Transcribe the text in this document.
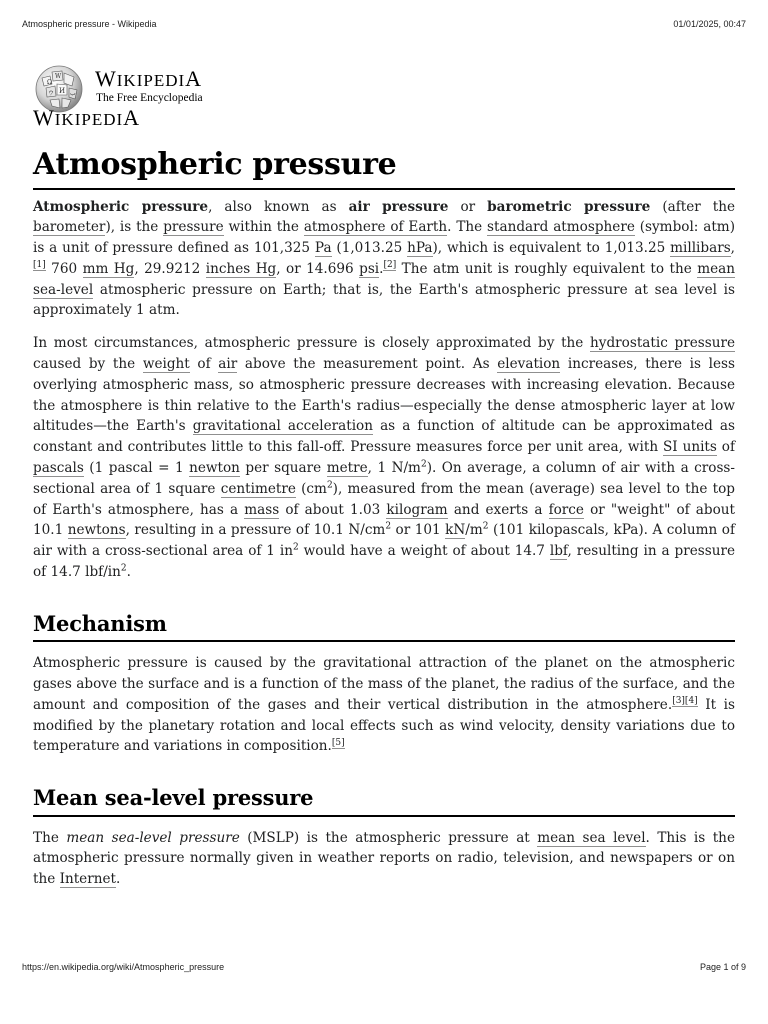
Atmospheric pressure - Wikipedia	01/01/2025, 00:47
Ω
W
И
ウ	ب
WIKIPEDIA
The Free Encyclopedia
WIKIPEDIA
Atmospheric pressure

Atmospheric pressure, also known as air pressure or barometric pressure (after the barometer), is the pressure within the atmosphere of Earth. The standard atmosphere (symbol: atm) is a unit of pressure defined as 101,325 Pa (1,013.25 hPa), which is equivalent to 1,013.25 millibars,[1] 760 mm Hg, 29.9212 inches Hg, or 14.696 psi.[2] The atm unit is roughly equivalent to the mean sea-level atmospheric pressure on Earth; that is, the Earth's atmospheric pressure at sea level is approximately 1 atm.

In most circumstances, atmospheric pressure is closely approximated by the hydrostatic pressure caused by the weight of air above the measurement point. As elevation increases, there is less overlying atmospheric mass, so atmospheric pressure decreases with increasing elevation. Because the atmosphere is thin relative to the Earth's radius—especially the dense atmospheric layer at low altitudes—the Earth's gravitational acceleration as a function of altitude can be approximated as constant and contributes little to this fall-off. Pressure measures force per unit area, with SI units of pascals (1 pascal = 1 newton per square metre, 1 $N/m^2$). On average, a column of air with a cross-sectional area of 1 square centimetre $(cm^2)$, measured from the mean (average) sea level to the top of Earth's atmosphere, has a mass of about 1.03 kilogram and exerts a force or "weight" of about 10.1 newtons, resulting in a pressure of 10.1 $N/cm^2$ or 101 $kN/m^2$ (101 kilopascals, kPa). A column of air with a cross-sectional area of 1 $in^2$ would have a weight of about 14.7 lbf, resulting in a pressure of 14.7 lbf/$in^2$.

Mechanism

Atmospheric pressure is caused by the gravitational attraction of the planet on the atmospheric gases above the surface and is a function of the mass of the planet, the radius of the surface, and the amount and composition of the gases and their vertical distribution in the atmosphere.[3][4] It is modified by the planetary rotation and local effects such as wind velocity, density variations due to temperature and variations in composition.[5]

Mean sea-level pressure

The mean sea-level pressure (MSLP) is the atmospheric pressure at mean sea level. This is the atmospheric pressure normally given in weather reports on radio, television, and newspapers or on the Internet.

https://en.wikipedia.org/wiki/Atmospheric_pressure	Page 1 of 9
